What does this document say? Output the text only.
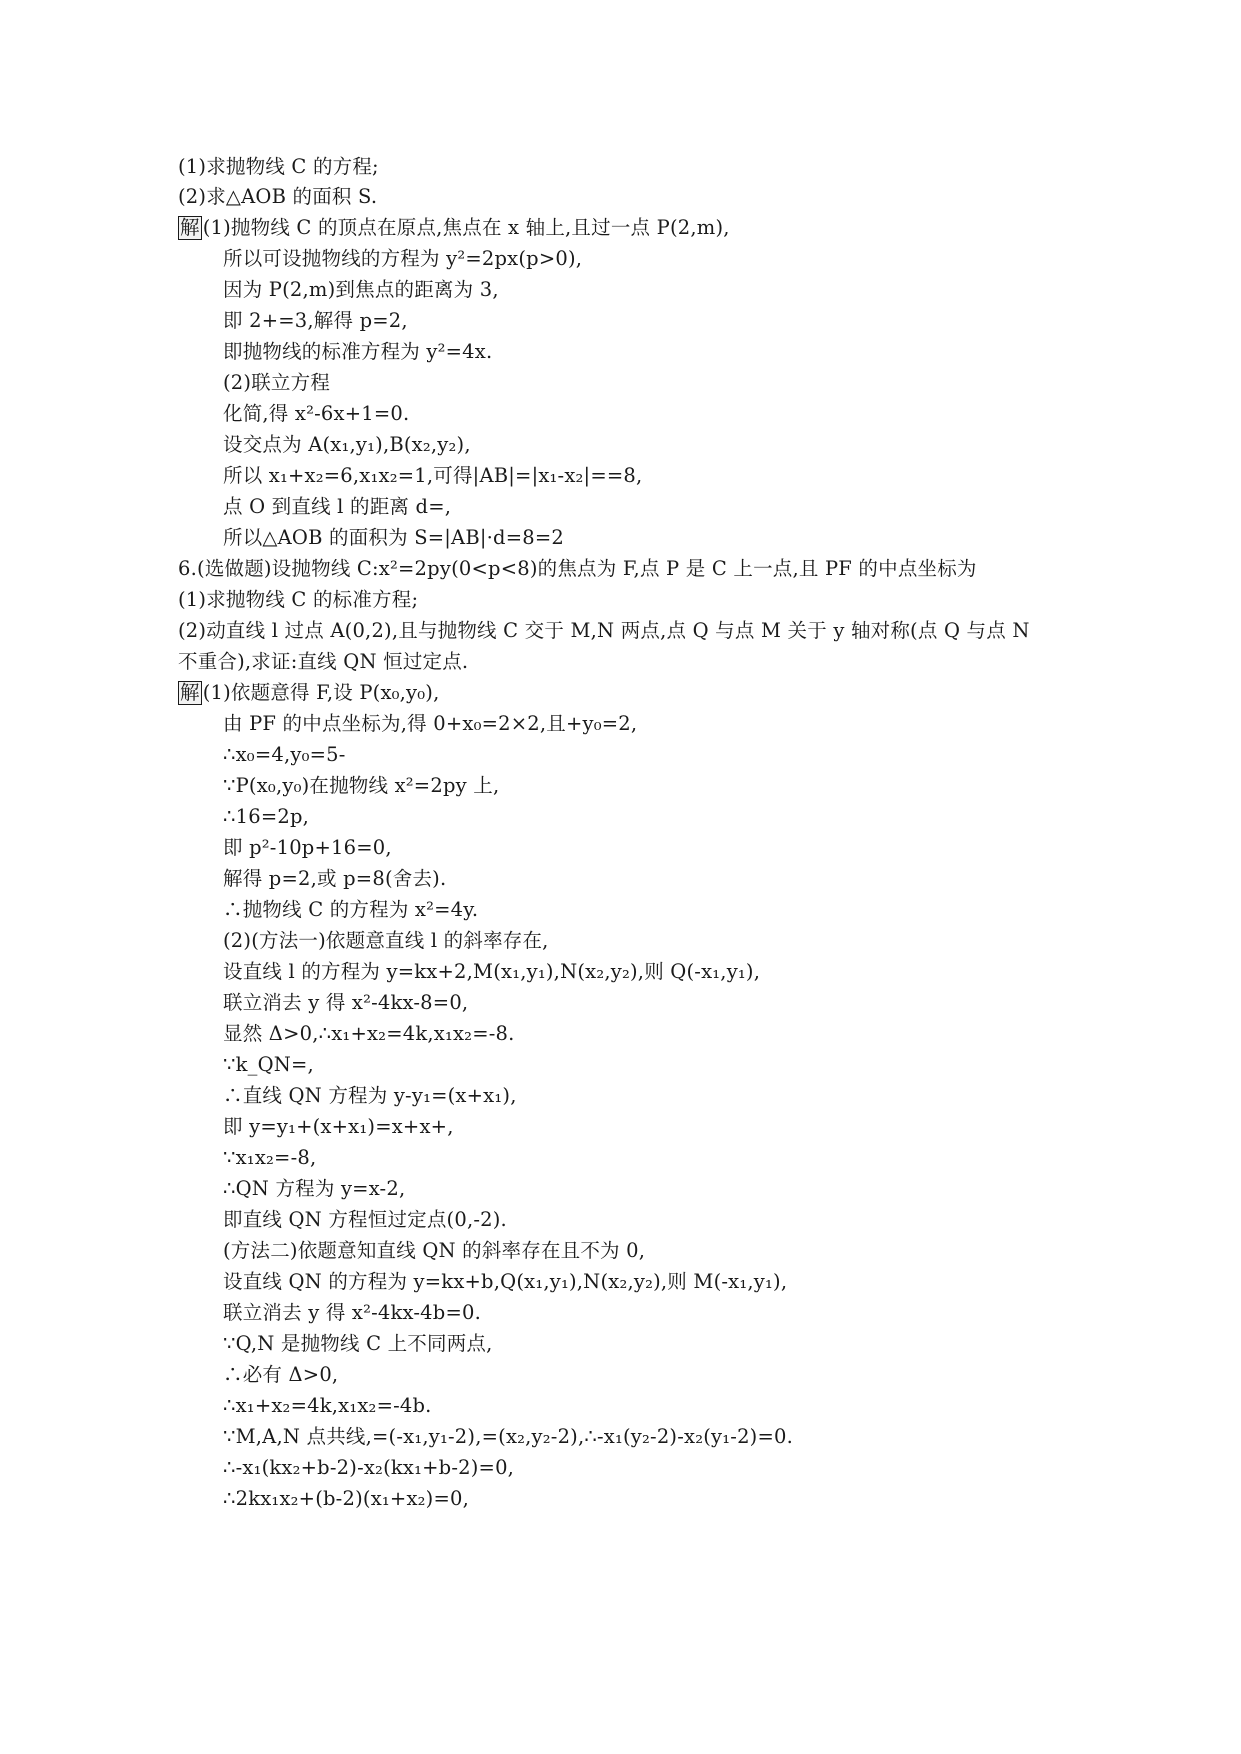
(1)求抛物线 C 的方程;
(2)求△AOB 的面积 S.
解 (1)抛物线 C 的顶点在原点,焦点在 x 轴上,且过一点 P(2,m),
所以可设抛物线的方程为 y²=2px(p>0),
因为 P(2,m)到焦点的距离为 3,
即 2+=3,解得 p=2,
即抛物线的标准方程为 y²=4x.
(2)联立方程
化简,得 x²-6x+1=0.
设交点为 A(x₁,y₁),B(x₂,y₂),
所以 x₁+x₂=6,x₁x₂=1,可得|AB|=|x₁-x₂|==8,
点 O 到直线 l 的距离 d=,
所以△AOB 的面积为 S=|AB|·d=8=2
6.(选做题)设抛物线 C:x²=2py(0<p<8)的焦点为 F,点 P 是 C 上一点,且 PF 的中点坐标为
(1)求抛物线 C 的标准方程;
(2)动直线 l 过点 A(0,2),且与抛物线 C 交于 M,N 两点,点 Q 与点 M 关于 y 轴对称(点 Q 与点 N
不重合),求证:直线 QN 恒过定点.
解 (1)依题意得 F,设 P(x₀,y₀),
由 PF 的中点坐标为,得 0+x₀=2×2,且+y₀=2,
∴x₀=4,y₀=5-
∵P(x₀,y₀)在抛物线 x²=2py 上,
∴16=2p,
即 p²-10p+16=0,
解得 p=2,或 p=8(舍去).
∴抛物线 C 的方程为 x²=4y.
(2)(方法一)依题意直线 l 的斜率存在,
设直线 l 的方程为 y=kx+2,M(x₁,y₁),N(x₂,y₂),则 Q(-x₁,y₁),
联立消去 y 得 x²-4kx-8=0,
显然 Δ>0,∴x₁+x₂=4k,x₁x₂=-8.
∵k_QN=,
∴直线 QN 方程为 y-y₁=(x+x₁),
即 y=y₁+(x+x₁)=x+x+,
∵x₁x₂=-8,
∴QN 方程为 y=x-2,
即直线 QN 方程恒过定点(0,-2).
(方法二)依题意知直线 QN 的斜率存在且不为 0,
设直线 QN 的方程为 y=kx+b,Q(x₁,y₁),N(x₂,y₂),则 M(-x₁,y₁),
联立消去 y 得 x²-4kx-4b=0.
∵Q,N 是抛物线 C 上不同两点,
∴必有 Δ>0,
∴x₁+x₂=4k,x₁x₂=-4b.
∵M,A,N 点共线,=(-x₁,y₁-2),=(x₂,y₂-2),∴-x₁(y₂-2)-x₂(y₁-2)=0.
∴-x₁(kx₂+b-2)-x₂(kx₁+b-2)=0,
∴2kx₁x₂+(b-2)(x₁+x₂)=0,
